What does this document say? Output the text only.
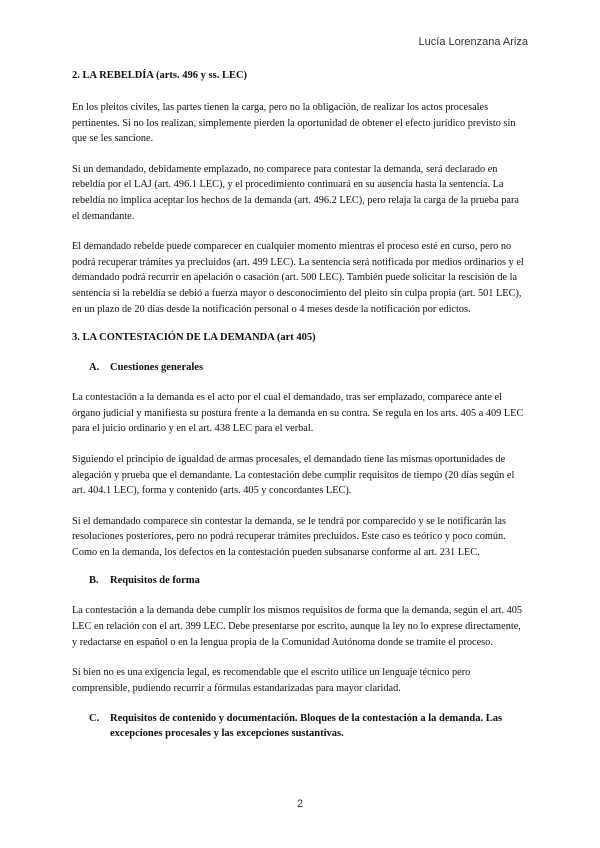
Lucía Lorenzana Ariza
2. LA REBELDÍA (arts. 496 y ss. LEC)

En los pleitos civiles, las partes tienen la carga, pero no la obligación, de realizar los actos procesales pertinentes. Si no los realizan, simplemente pierden la oportunidad de obtener el efecto jurídico previsto sin que se les sancione.

Si un demandado, debidamente emplazado, no comparece para contestar la demanda, será declarado en rebeldía por el LAJ (art. 496.1 LEC), y el procedimiento continuará en su ausencia hasta la sentencia. La rebeldía no implica aceptar los hechos de la demanda (art. 496.2 LEC), pero relaja la carga de la prueba para el demandante.

El demandado rebelde puede comparecer en cualquier momento mientras el proceso esté en curso, pero no podrá recuperar trámites ya precluidos (art. 499 LEC). La sentencia será notificada por medios ordinarios y el demandado podrá recurrir en apelación o casación (art. 500 LEC). También puede solicitar la rescisión de la sentencia si la rebeldía se debió a fuerza mayor o desconocimiento del pleito sin culpa propia (art. 501 LEC), en un plazo de 20 días desde la notificación personal o 4 meses desde la notificación por edictos.

3. LA CONTESTACIÓN DE LA DEMANDA (art 405)
A.	Cuestiones generales

La contestación a la demanda es el acto por el cual el demandado, tras ser emplazado, comparece ante el órgano judicial y manifiesta su postura frente a la demanda en su contra. Se regula en los arts. 405 a 409 LEC para el juicio ordinario y en el art. 438 LEC para el verbal.

Siguiendo el principio de igualdad de armas procesales, el demandado tiene las mismas oportunidades de alegación y prueba que el demandante. La contestación debe cumplir requisitos de tiempo (20 días según el art. 404.1 LEC), forma y contenido (arts. 405 y concordantes LEC).

Si el demandado comparece sin contestar la demanda, se le tendrá por comparecido y se le notificarán las resoluciones posteriores, pero no podrá recuperar trámites precluidos. Este caso es teórico y poco común. Como en la demanda, los defectos en la contestación pueden subsanarse conforme al art. 231 LEC.

B.	Requisitos de forma

La contestación a la demanda debe cumplir los mismos requisitos de forma que la demanda, según el art. 405 LEC en relación con el art. 399 LEC. Debe presentarse por escrito, aunque la ley no lo exprese directamente, y redactarse en español o en la lengua propia de la Comunidad Autónoma donde se tramite el proceso.

Si bien no es una exigencia legal, es recomendable que el escrito utilice un lenguaje técnico pero comprensible, pudiendo recurrir a fórmulas estandarizadas para mayor claridad.

C.	Requisitos de contenido y documentación. Bloques de la contestación a la demanda. Las excepciones procesales y las excepciones sustantivas.
2
